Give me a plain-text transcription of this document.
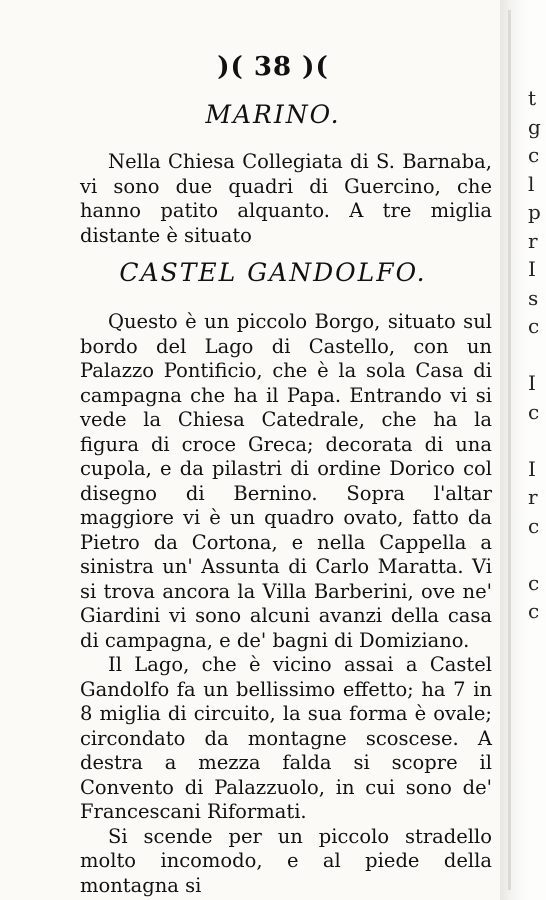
t
g
c
l
p
r
I
s
c

I
c

I
r
c

c
c
)( 38 )(
MARINO.

Nella Chiesa Collegiata di S. Barnaba, vi sono due quadri di Guercino, che hanno patito alquanto. A tre miglia distante è situato

CASTEL GANDOLFO.

Questo è un piccolo Borgo, situato sul bordo del Lago di Castello, con un Palazzo Pontificio, che è la sola Casa di campagna che ha il Papa. Entrando vi si vede la Chiesa Catedrale, che ha la figura di croce Greca; decorata di una cupola, e da pilastri di ordine Dorico col disegno di Bernino. Sopra l'altar maggiore vi è un quadro ovato, fatto da Pietro da Cortona, e nella Cappella a sinistra un' Assunta di Carlo Maratta. Vi si trova ancora la Villa Barberini, ove ne' Giardini vi sono alcuni avanzi della casa di campagna, e de' bagni di Domiziano.

Il Lago, che è vicino assai a Castel Gandolfo fa un bellissimo effetto; ha 7 in 8 miglia di circuito, la sua forma è ovale; circondato da montagne scoscese. A destra a mezza falda si scopre il Convento di Palazzuolo, in cui sono de' Francescani Riformati.

Si scende per un piccolo stradello molto incomodo, e al piede della montagna si
